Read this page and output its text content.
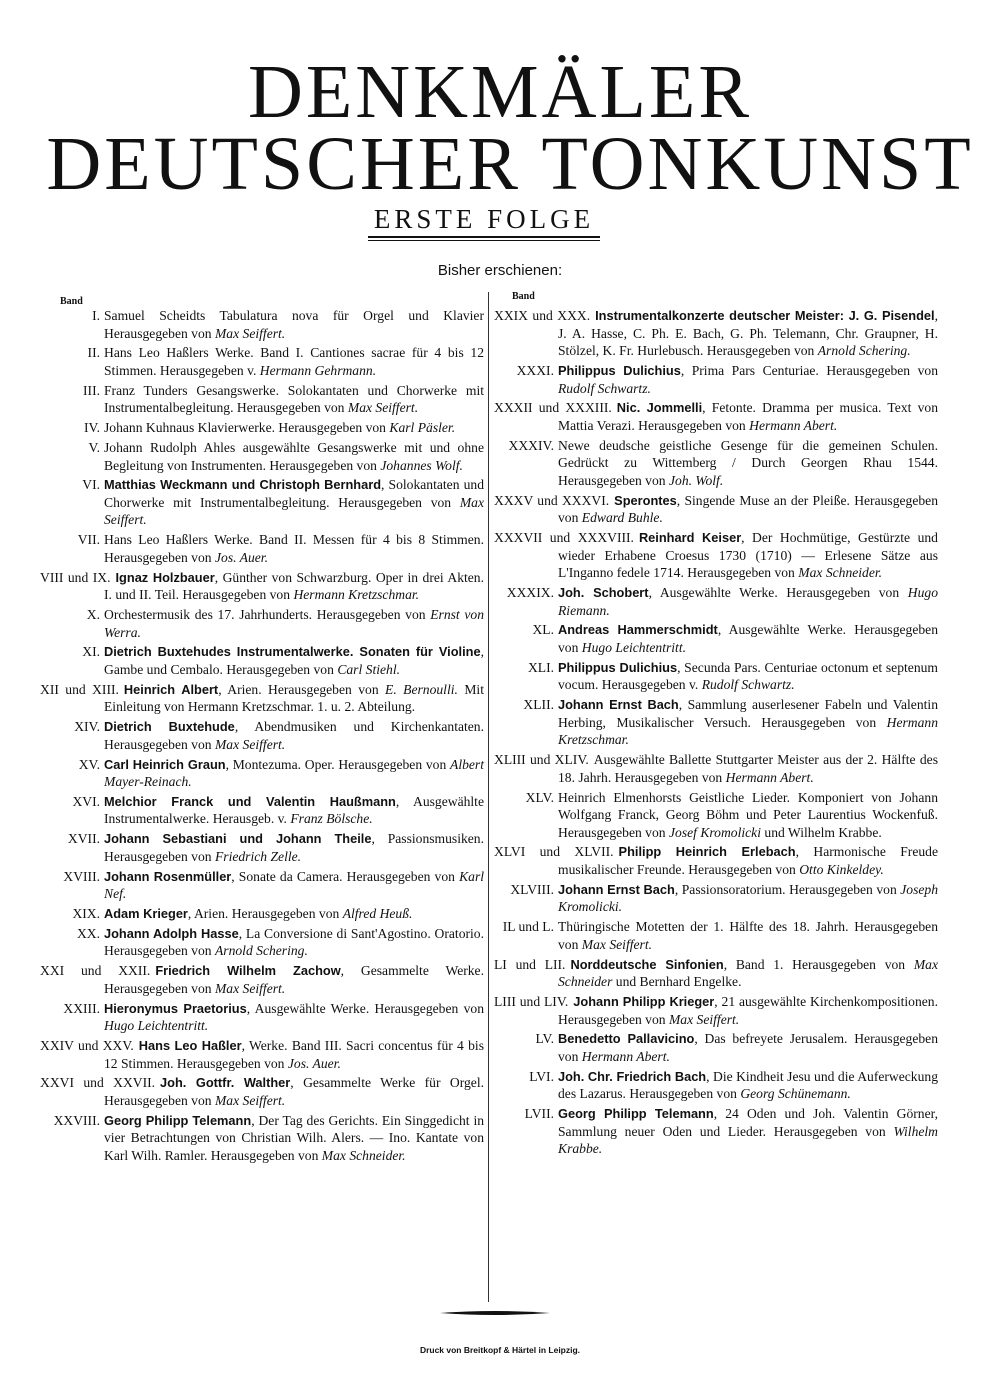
DENKMÄLER
DEUTSCHER TONKUNST
ERSTE FOLGE
Bisher erschienen:
Band	Band
I. Samuel Scheidts Tabulatura nova für Orgel und Klavier Herausgegeben von Max Seiffert.
II. Hans Leo Haßlers Werke. Band I. Cantiones sacrae für 4 bis 12 Stimmen. Herausgegeben v. Hermann Gehrmann.
III. Franz Tunders Gesangswerke. Solokantaten und Chorwerke mit Instrumentalbegleitung. Herausgegeben von Max Seiffert.
IV. Johann Kuhnaus Klavierwerke. Herausgegeben von Karl Päsler.
V. Johann Rudolph Ahles ausgewählte Gesangswerke mit und ohne Begleitung von Instrumenten. Herausgegeben von Johannes Wolf.
VI. Matthias Weckmann und Christoph Bernhard, Solokantaten und Chorwerke mit Instrumentalbegleitung. Herausgegeben von Max Seiffert.
VII. Hans Leo Haßlers Werke. Band II. Messen für 4 bis 8 Stimmen. Herausgegeben von Jos. Auer.
VIII und IX. Ignaz Holzbauer, Günther von Schwarzburg. Oper in drei Akten. I. und II. Teil. Herausgegeben von Hermann Kretzschmar.
X. Orchestermusik des 17. Jahrhunderts. Herausgegeben von Ernst von Werra.
XI. Dietrich Buxtehudes Instrumentalwerke. Sonaten für Violine, Gambe und Cembalo. Herausgegeben von Carl Stiehl.
XII und XIII. Heinrich Albert, Arien. Herausgegeben von E. Bernoulli. Mit Einleitung von Hermann Kretzschmar. 1. u. 2. Abteilung.
XIV. Dietrich Buxtehude, Abendmusiken und Kirchenkantaten. Herausgegeben von Max Seiffert.
XV. Carl Heinrich Graun, Montezuma. Oper. Herausgegeben von Albert Mayer-Reinach.
XVI. Melchior Franck und Valentin Haußmann, Ausgewählte Instrumentalwerke. Herausgeb. v. Franz Bölsche.
XVII. Johann Sebastiani und Johann Theile, Passionsmusiken. Herausgegeben von Friedrich Zelle.
XVIII. Johann Rosenmüller, Sonate da Camera. Herausgegeben von Karl Nef.
XIX. Adam Krieger, Arien. Herausgegeben von Alfred Heuß.
XX. Johann Adolph Hasse, La Conversione di Sant'Agostino. Oratorio. Herausgegeben von Arnold Schering.
XXI und XXII. Friedrich Wilhelm Zachow, Gesammelte Werke. Herausgegeben von Max Seiffert.
XXIII. Hieronymus Praetorius, Ausgewählte Werke. Herausgegeben von Hugo Leichtentritt.
XXIV und XXV. Hans Leo Haßler, Werke. Band III. Sacri concentus für 4 bis 12 Stimmen. Herausgegeben von Jos. Auer.
XXVI und XXVII. Joh. Gottfr. Walther, Gesammelte Werke für Orgel. Herausgegeben von Max Seiffert.
XXVIII. Georg Philipp Telemann, Der Tag des Gerichts. Ein Singgedicht in vier Betrachtungen von Christian Wilh. Alers. — Ino. Kantate von Karl Wilh. Ramler. Herausgegeben von Max Schneider.
XXIX und XXX. Instrumentalkonzerte deutscher Meister: J. G. Pisendel, J. A. Hasse, C. Ph. E. Bach, G. Ph. Telemann, Chr. Graupner, H. Stölzel, K. Fr. Hurlebusch. Herausgegeben von Arnold Schering.
XXXI. Philippus Dulichius, Prima Pars Centuriae. Herausgegeben von Rudolf Schwartz.
XXXII und XXXIII. Nic. Jommelli, Fetonte. Dramma per musica. Text von Mattia Verazi. Herausgegeben von Hermann Abert.
XXXIV. Newe deudsche geistliche Gesenge für die gemeinen Schulen. Gedrückt zu Wittemberg / Durch Georgen Rhau 1544. Herausgegeben von Joh. Wolf.
XXXV und XXXVI. Sperontes, Singende Muse an der Pleiße. Herausgegeben von Edward Buhle.
XXXVII und XXXVIII. Reinhard Keiser, Der Hochmütige, Gestürzte und wieder Erhabene Croesus 1730 (1710) — Erlesene Sätze aus L'Inganno fedele 1714. Herausgegeben von Max Schneider.
XXXIX. Joh. Schobert, Ausgewählte Werke. Herausgegeben von Hugo Riemann.
XL. Andreas Hammerschmidt, Ausgewählte Werke. Herausgegeben von Hugo Leichtentritt.
XLI. Philippus Dulichius, Secunda Pars. Centuriae octonum et septenum vocum. Herausgegeben v. Rudolf Schwartz.
XLII. Johann Ernst Bach, Sammlung auserlesener Fabeln und Valentin Herbing, Musikalischer Versuch. Herausgegeben von Hermann Kretzschmar.
XLIII und XLIV. Ausgewählte Ballette Stuttgarter Meister aus der 2. Hälfte des 18. Jahrh. Herausgegeben von Hermann Abert.
XLV. Heinrich Elmenhorsts Geistliche Lieder. Komponiert von Johann Wolfgang Franck, Georg Böhm und Peter Laurentius Wockenfuß. Herausgegeben von Josef Kromolicki und Wilhelm Krabbe.
XLVI und XLVII. Philipp Heinrich Erlebach, Harmonische Freude musikalischer Freunde. Herausgegeben von Otto Kinkeldey.
XLVIII. Johann Ernst Bach, Passionsoratorium. Herausgegeben von Joseph Kromolicki.
IL und L. Thüringische Motetten der 1. Hälfte des 18. Jahrh. Herausgegeben von Max Seiffert.
LI und LII. Norddeutsche Sinfonien, Band 1. Herausgegeben von Max Schneider und Bernhard Engelke.
LIII und LIV. Johann Philipp Krieger, 21 ausgewählte Kirchenkompositionen. Herausgegeben von Max Seiffert.
LV. Benedetto Pallavicino, Das befreyete Jerusalem. Herausgegeben von Hermann Abert.
LVI. Joh. Chr. Friedrich Bach, Die Kindheit Jesu und die Auferweckung des Lazarus. Herausgegeben von Georg Schünemann.
LVII. Georg Philipp Telemann, 24 Oden und Joh. Valentin Görner, Sammlung neuer Oden und Lieder. Herausgegeben von Wilhelm Krabbe.
Druck von Breitkopf & Härtel in Leipzig.
